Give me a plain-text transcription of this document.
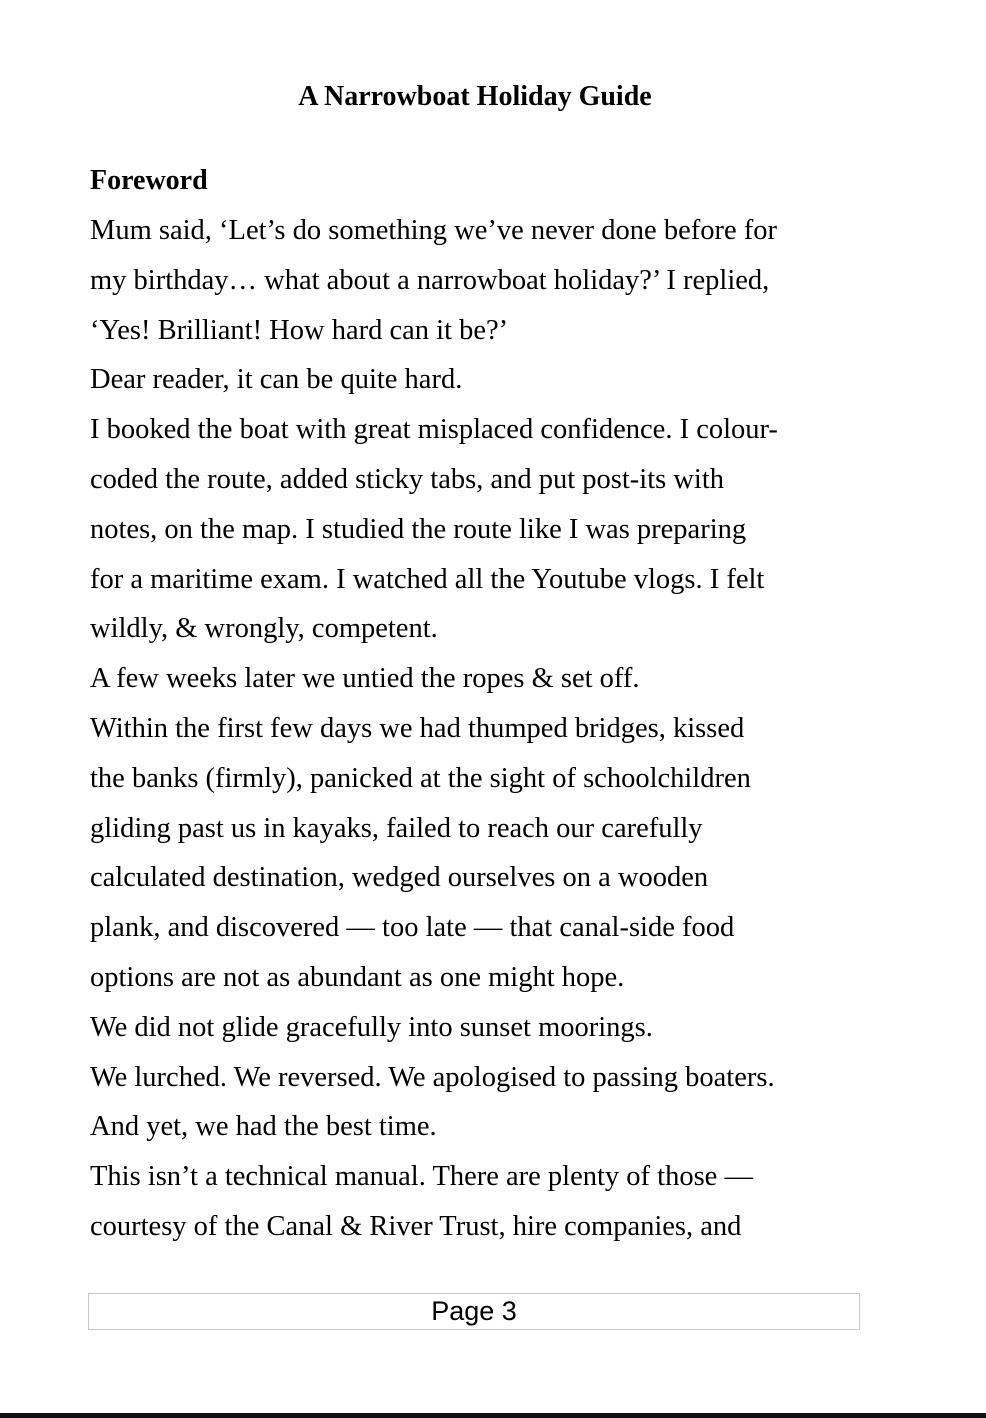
A Narrowboat Holiday Guide
Foreword
Mum said, ‘Let’s do something we’ve never done before for
my birthday… what about a narrowboat holiday?’ I replied,
‘Yes! Brilliant! How hard can it be?’
Dear reader, it can be quite hard.
I booked the boat with great misplaced confidence. I colour-
coded the route, added sticky tabs, and put post-its with
notes, on the map. I studied the route like I was preparing
for a maritime exam. I watched all the Youtube vlogs. I felt
wildly, & wrongly, competent.
A few weeks later we untied the ropes & set off.
Within the first few days we had thumped bridges, kissed
the banks (firmly), panicked at the sight of schoolchildren
gliding past us in kayaks, failed to reach our carefully
calculated destination, wedged ourselves on a wooden
plank, and discovered — too late — that canal-side food
options are not as abundant as one might hope.
We did not glide gracefully into sunset moorings.
We lurched. We reversed. We apologised to passing boaters.
And yet, we had the best time.
This isn’t a technical manual. There are plenty of those —
courtesy of the Canal & River Trust, hire companies, and
Page 3
